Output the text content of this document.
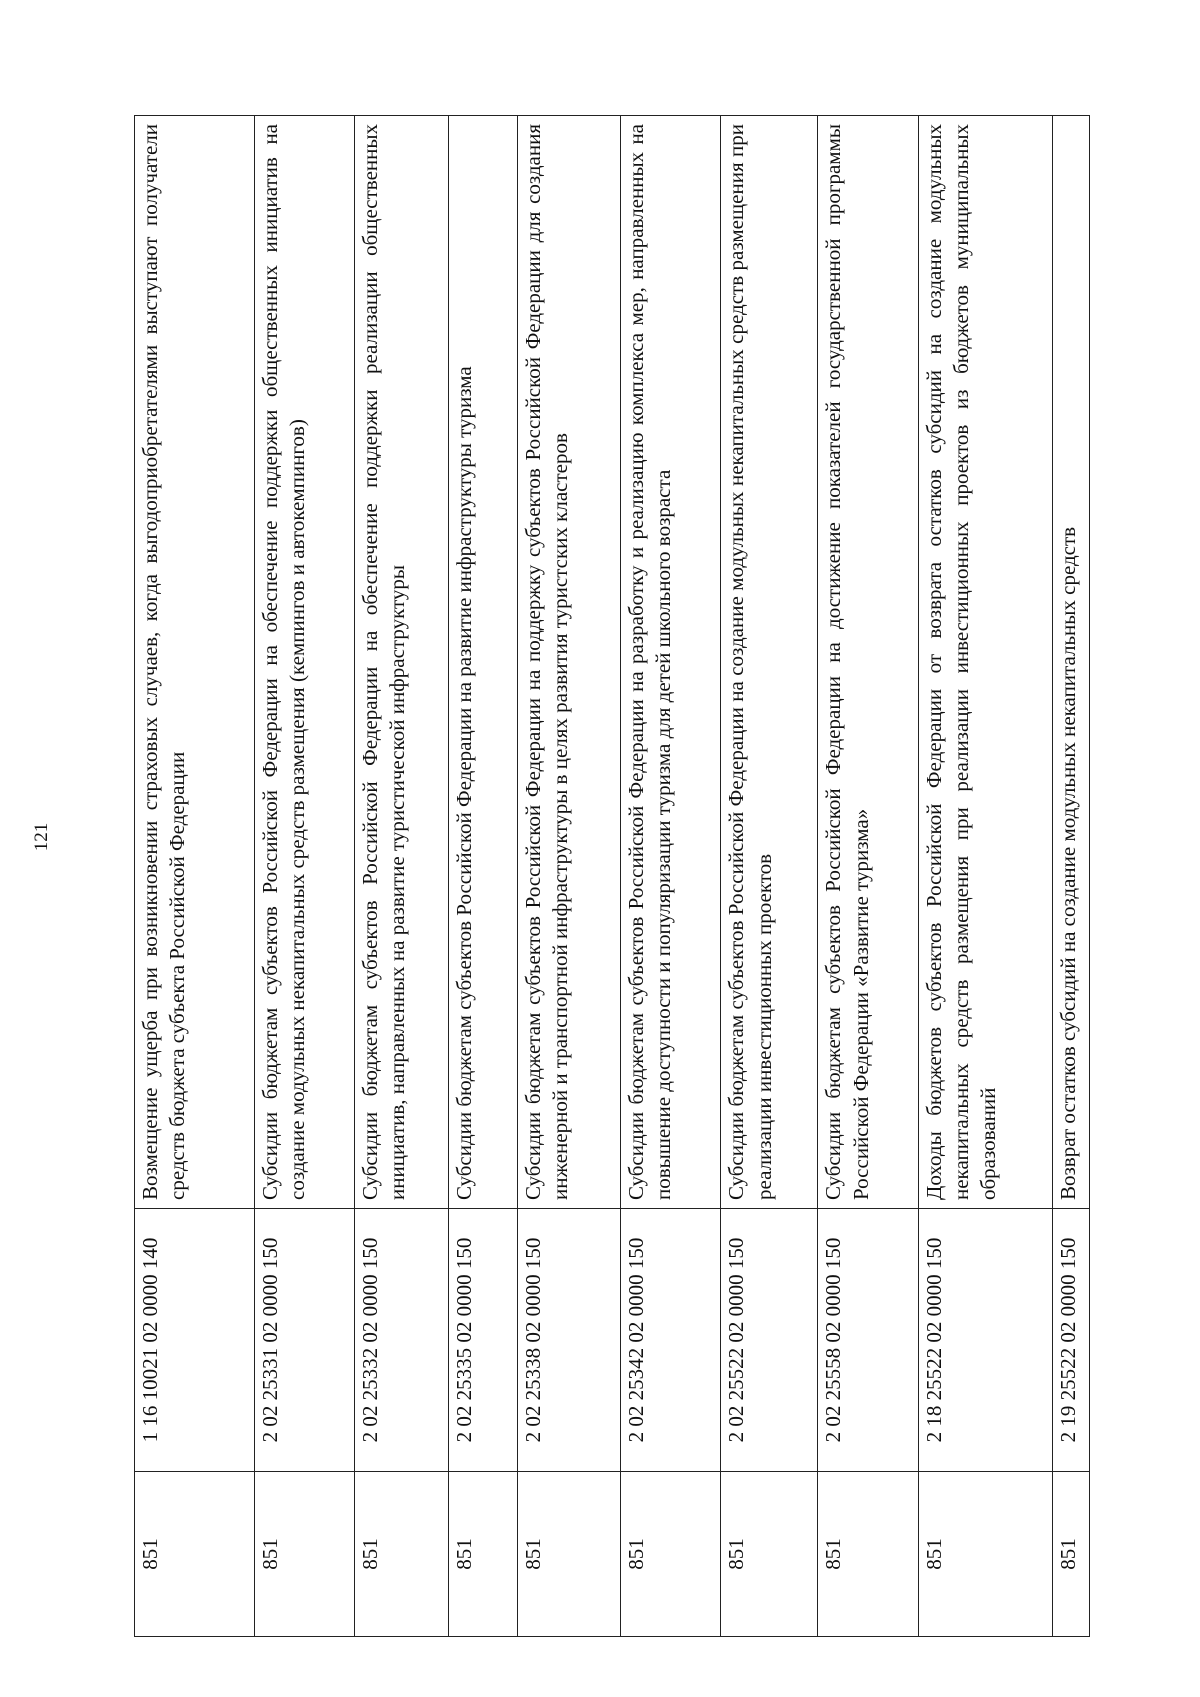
121
851	1 16 10021 02 0000 140	Возмещение ущерба при возникновении страховых случаев, когда выгодоприобретателями выступают получатели средств бюджета субъекта Российской Федерации
851	2 02 25331 02 0000 150	Субсидии бюджетам субъектов Российской Федерации на обеспечение поддержки общественных инициатив на создание модульных некапитальных средств размещения (кемпингов и автокемпингов)
851	2 02 25332 02 0000 150	Субсидии бюджетам субъектов Российской Федерации на обеспечение поддержки реализации общественных инициатив, направленных на развитие туристической инфраструктуры
851	2 02 25335 02 0000 150	Субсидии бюджетам субъектов Российской Федерации на развитие инфраструктуры туризма
851	2 02 25338 02 0000 150	Субсидии бюджетам субъектов Российской Федерации на поддержку субъектов Российской Федерации для создания инженерной и транспортной инфраструктуры в целях развития туристских кластеров
851	2 02 25342 02 0000 150	Субсидии бюджетам субъектов Российской Федерации на разработку и реализацию комплекса мер, направленных на повышение доступности и популяризации туризма для детей школьного возраста
851	2 02 25522 02 0000 150	Субсидии бюджетам субъектов Российской Федерации на создание модульных некапитальных средств размещения при реализации инвестиционных проектов
851	2 02 25558 02 0000 150	Субсидии бюджетам субъектов Российской Федерации на достижение показателей государственной программы Российской Федерации «Развитие туризма»
851	2 18 25522 02 0000 150	Доходы бюджетов субъектов Российской Федерации от возврата остатков субсидий на создание модульных некапитальных средств размещения при реализации инвестиционных проектов из бюджетов муниципальных образований
851	2 19 25522 02 0000 150	Возврат остатков субсидий на создание модульных некапитальных средств
